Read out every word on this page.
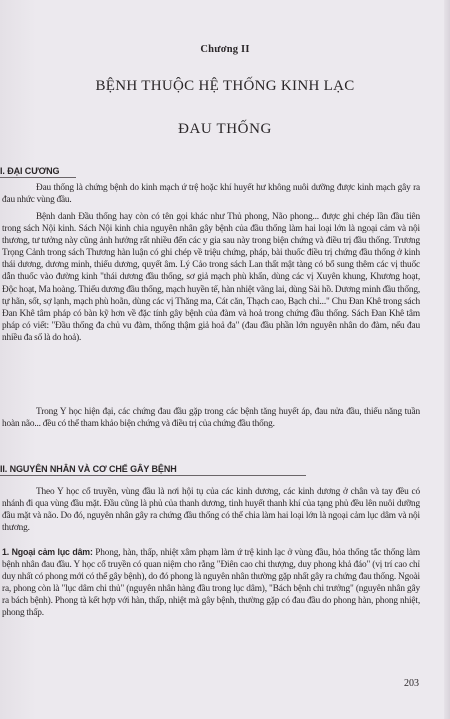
Chương II
BỆNH THUỘC HỆ THỐNG KINH LẠC
ĐAU THỐNG
I. ĐẠI CƯƠNG
Đau thống là chứng bệnh do kinh mạch ứ trệ hoặc khí huyết hư không nuôi dưỡng được kinh mạch gây ra đau nhức vùng đầu.
Bệnh danh Đầu thống hay còn có tên gọi khác như Thủ phong, Não phong... được ghi chép lần đầu tiên trong sách Nội kinh. Sách Nội kinh chia nguyên nhân gây bệnh của đầu thống làm hai loại lớn là ngoại cảm và nội thương, tư tưởng này cũng ảnh hưởng rất nhiều đến các y gia sau này trong biện chứng và điều trị đầu thống. Trương Trọng Cảnh trong sách Thương hàn luận có ghi chép về triệu chứng, pháp, bài thuốc điều trị chứng đầu thống ở kinh thái dương, dương minh, thiếu dương, quyết âm. Lý Cảo trong sách Lan thất mật tàng có bổ sung thêm các vị thuốc dẫn thuốc vào đường kinh "thái dương đầu thống, sơ giả mạch phù khẩn, dùng các vị Xuyên khung, Khương hoạt, Độc hoạt, Ma hoàng. Thiếu dương đầu thống, mạch huyền tế, hàn nhiệt vãng lai, dùng Sài hồ. Dương minh đầu thống, tự hãn, sốt, sợ lạnh, mạch phù hoãn, dùng các vị Thăng ma, Cát căn, Thạch cao, Bạch chỉ..." Chu Đan Khê trong sách Đan Khê tâm pháp có bàn kỹ hơn về đặc tính gây bệnh của đàm và hoả trong chứng đầu thống. Sách Đan Khê tâm pháp có viết: "Đầu thống đa chủ vu đàm, thống thậm giả hoả đa" (đau đầu phần lớn nguyên nhân do đàm, nếu đau nhiều đa số là do hoả).
Trong Y học hiện đại, các chứng đau đầu gặp trong các bệnh tăng huyết áp, đau nửa đầu, thiểu năng tuần hoàn não... đều có thể tham khảo biện chứng và điều trị của chứng đầu thống.
II. NGUYÊN NHÂN VÀ CƠ CHẾ GÂY BỆNH
Theo Y học cổ truyền, vùng đầu là nơi hội tụ của các kinh dương, các kinh dương ở chân và tay đều có nhánh đi qua vùng đầu mặt. Đầu cũng là phủ của thanh dương, tinh huyết thanh khí của tạng phủ đều lên nuôi dưỡng đầu mặt và não. Do đó, nguyên nhân gây ra chứng đầu thống có thể chia làm hai loại lớn là ngoại cảm lục dâm và nội thương.
1. Ngoại cảm lục dâm: Phong, hàn, thấp, nhiệt xâm phạm làm ứ trệ kinh lạc ở vùng đầu, hỏa thống tắc thống làm bệnh nhân đau đầu. Y học cổ truyền có quan niệm cho rằng "Điên cao chi thượng, duy phong khả đáo" (vị trí cao chỉ duy nhất có phong mới có thể gây bệnh), do đó phong là nguyên nhân thường gặp nhất gây ra chứng đau thống. Ngoài ra, phong còn là "lục dâm chi thủ" (nguyên nhân hàng đầu trong lục dâm), "Bách bệnh chi trưởng" (nguyên nhân gây ra bách bệnh). Phong tà kết hợp với hàn, thấp, nhiệt mà gây bệnh, thường gặp có đau đầu do phong hàn, phong nhiệt, phong thấp.
203
